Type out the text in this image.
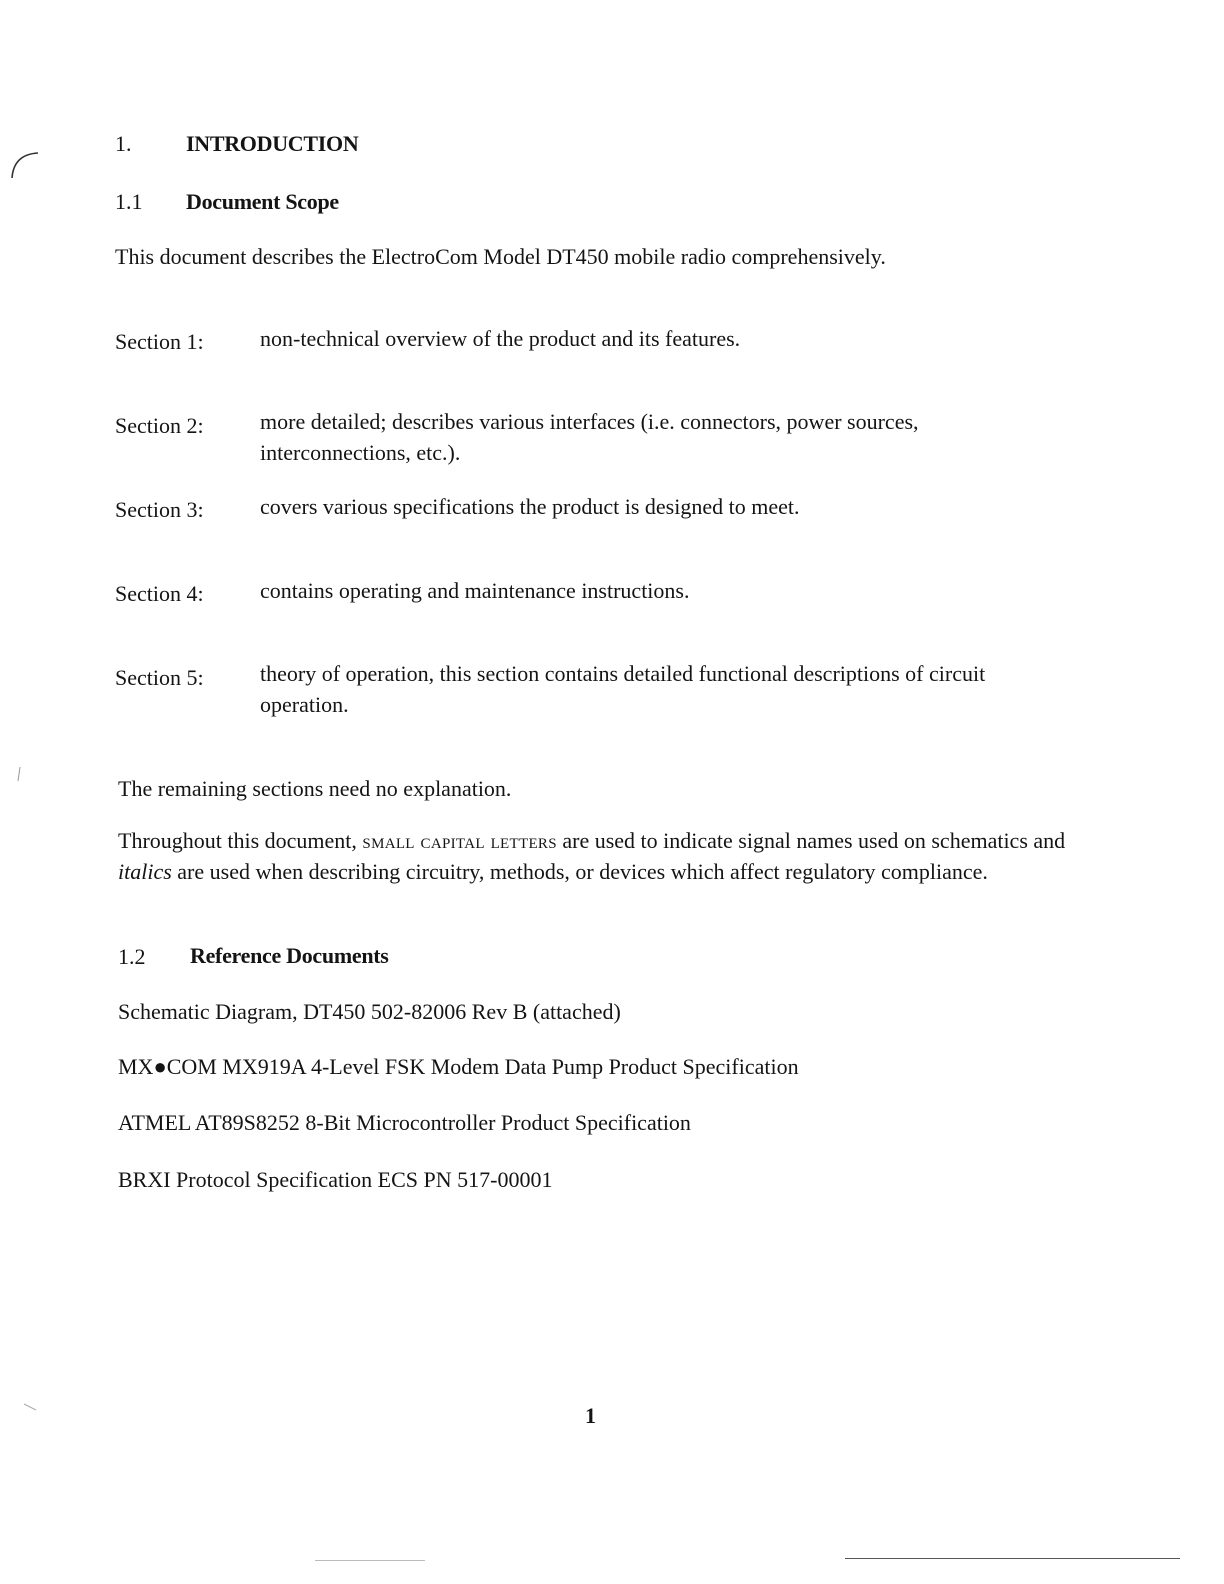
1. INTRODUCTION
1.1 Document Scope
This document describes the ElectroCom Model DT450 mobile radio comprehensively.
Section 1:	non-technical overview of the product and its features.
Section 2:	more detailed; describes various interfaces (i.e. connectors, power sources, interconnections, etc.).
Section 3:	covers various specifications the product is designed to meet.
Section 4:	contains operating and maintenance instructions.
Section 5:	theory of operation, this section contains detailed functional descriptions of circuit operation.
The remaining sections need no explanation.
Throughout this document, small capital letters are used to indicate signal names used on schematics and italics are used when describing circuitry, methods, or devices which affect regulatory compliance.
1.2 Reference Documents
Schematic Diagram, DT450 502-82006 Rev B (attached)
MX●COM MX919A 4-Level FSK Modem Data Pump Product Specification
ATMEL AT89S8252 8-Bit Microcontroller Product Specification
BRXI Protocol Specification ECS PN 517-00001
1
